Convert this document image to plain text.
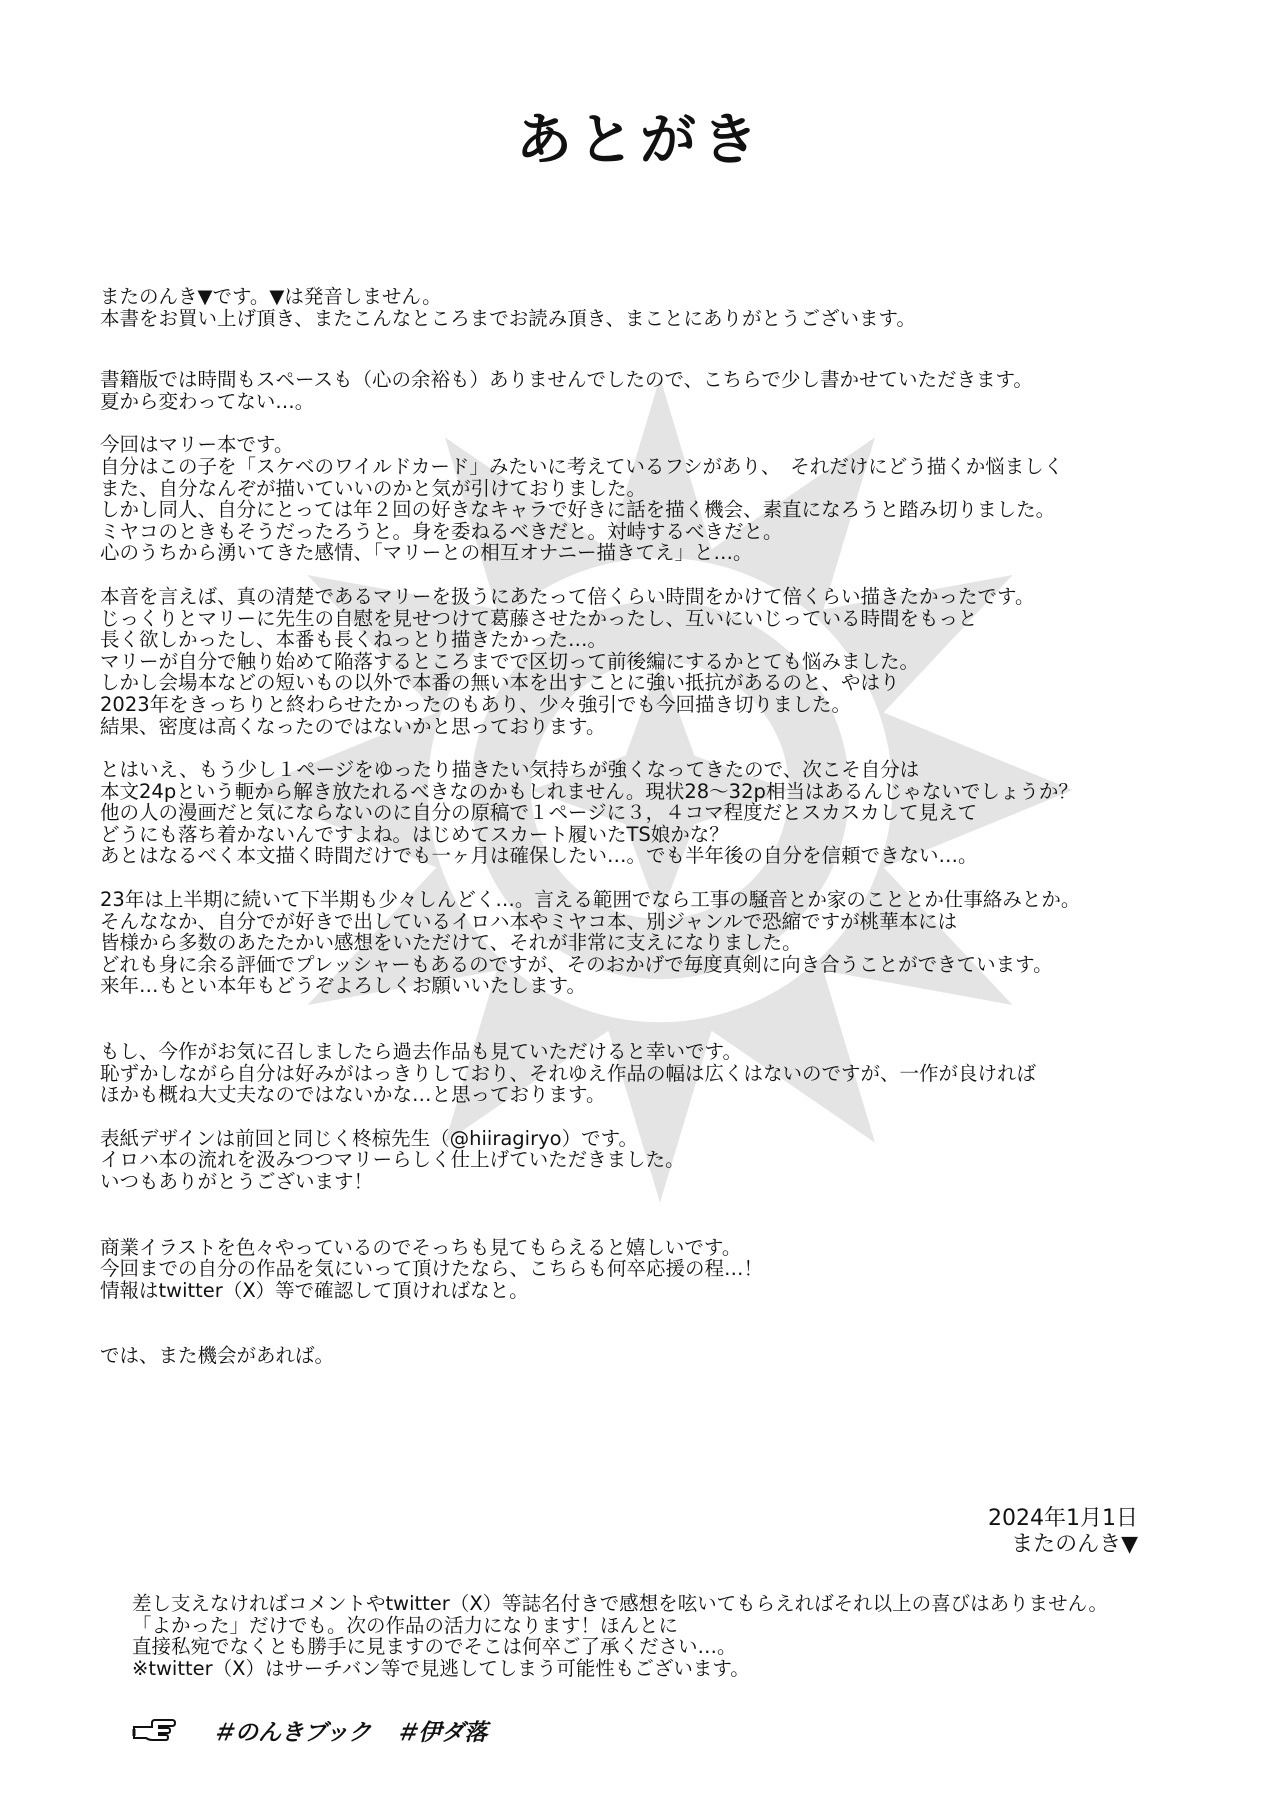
あとがき

またのんき▼です。▼は発音しません。
本書をお買い上げ頂き、またこんなところまでお読み頂き、まことにありがとうございます。

書籍版では時間もスペースも（心の余裕も）ありませんでしたので、こちらで少し書かせていただきます。
夏から変わってない…。

今回はマリー本です。
自分はこの子を「スケベのワイルドカード」みたいに考えているフシがあり、　それだけにどう描くか悩ましく
また、自分なんぞが描いていいのかと気が引けておりました。
しかし同人、自分にとっては年２回の好きなキャラで好きに話を描く機会、素直になろうと踏み切りました。
ミヤコのときもそうだったろうと。身を委ねるべきだと。対峙するべきだと。
心のうちから湧いてきた感情、「マリーとの相互オナニー描きてえ」と…。

本音を言えば、真の清楚であるマリーを扱うにあたって倍くらい時間をかけて倍くらい描きたかったです。
じっくりとマリーに先生の自慰を見せつけて葛藤させたかったし、互いにいじっている時間をもっと
長く欲しかったし、本番も長くねっとり描きたかった…。
マリーが自分で触り始めて陥落するところまでで区切って前後編にするかとても悩みました。
しかし会場本などの短いもの以外で本番の無い本を出すことに強い抵抗があるのと、やはり
2023年をきっちりと終わらせたかったのもあり、少々強引でも今回描き切りました。
結果、密度は高くなったのではないかと思っております。

とはいえ、もう少し１ページをゆったり描きたい気持ちが強くなってきたので、次こそ自分は
本文24pという軛から解き放たれるべきなのかもしれません。現状28〜32p相当はあるんじゃないでしょうか？
他の人の漫画だと気にならないのに自分の原稿で１ページに３，４コマ程度だとスカスカして見えて
どうにも落ち着かないんですよね。はじめてスカート履いたTS娘かな？
あとはなるべく本文描く時間だけでも一ヶ月は確保したい…。でも半年後の自分を信頼できない…。

23年は上半期に続いて下半期も少々しんどく…。言える範囲でなら工事の騒音とか家のこととか仕事絡みとか。
そんななか、自分でが好きで出しているイロハ本やミヤコ本、別ジャンルで恐縮ですが桃華本には
皆様から多数のあたたかい感想をいただけて、それが非常に支えになりました。
どれも身に余る評価でプレッシャーもあるのですが、そのおかげで毎度真剣に向き合うことができています。
来年…もとい本年もどうぞよろしくお願いいたします。

もし、今作がお気に召しましたら過去作品も見ていただけると幸いです。
恥ずかしながら自分は好みがはっきりしており、それゆえ作品の幅は広くはないのですが、一作が良ければ
ほかも概ね大丈夫なのではないかな…と思っております。

表紙デザインは前回と同じく柊椋先生（@hiiragiryo）です。
イロハ本の流れを汲みつつマリーらしく仕上げていただきました。
いつもありがとうございます！

商業イラストを色々やっているのでそっちも見てもらえると嬉しいです。
今回までの自分の作品を気にいって頂けたなら、こちらも何卒応援の程…！
情報はtwitter（X）等で確認して頂ければなと。

では、また機会があれば。

2024年1月1日
またのんき▼
差し支えなければコメントやtwitter（X）等誌名付きで感想を呟いてもらえればそれ以上の喜びはありません。
「よかった」だけでも。次の作品の活力になります！ほんとに
直接私宛でなくとも勝手に見ますのでそこは何卒ご了承ください…。
※twitter（X）はサーチバン等で見逃してしまう可能性もございます。
＃のんきブック ＃伊ダ落
